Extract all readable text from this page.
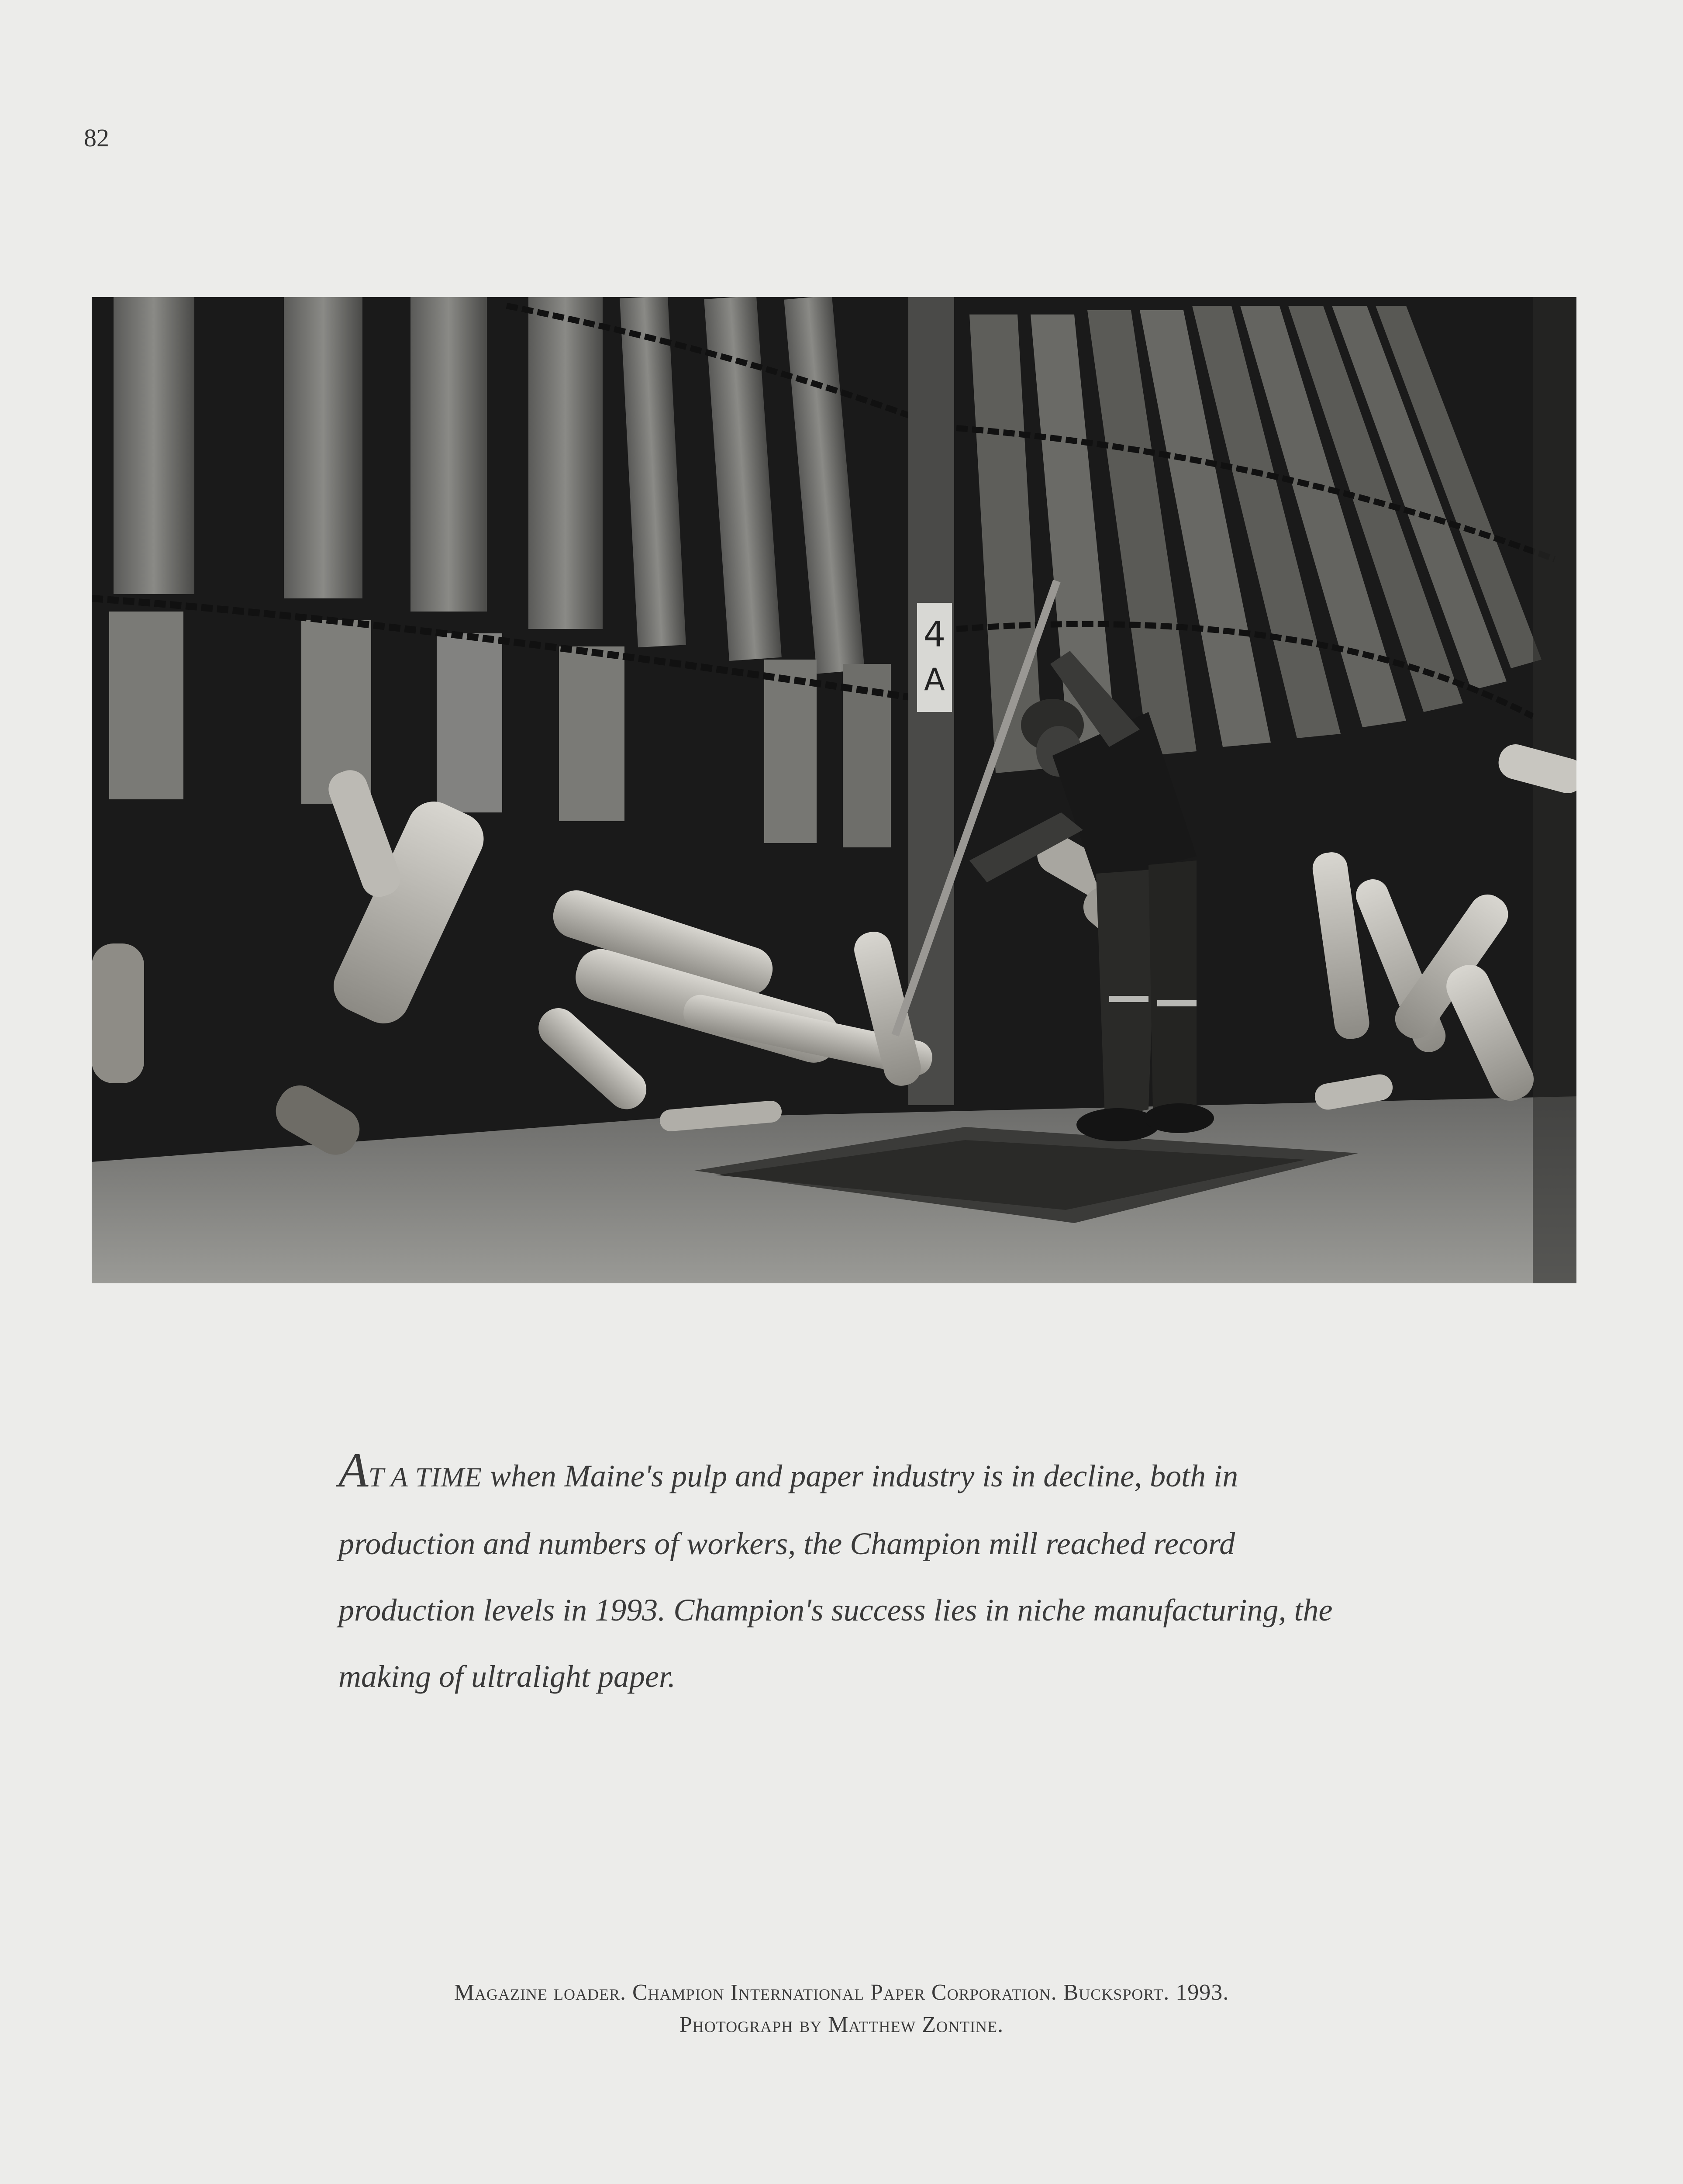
82
4
A
AT A TIME when Maine's pulp and paper industry is in decline, both in production and numbers of workers, the Champion mill reached record production levels in 1993. Champion's success lies in niche manufacturing, the making of ultralight paper.
Magazine loader. Champion International Paper Corporation. Bucksport. 1993.
Photograph by Matthew Zontine.
